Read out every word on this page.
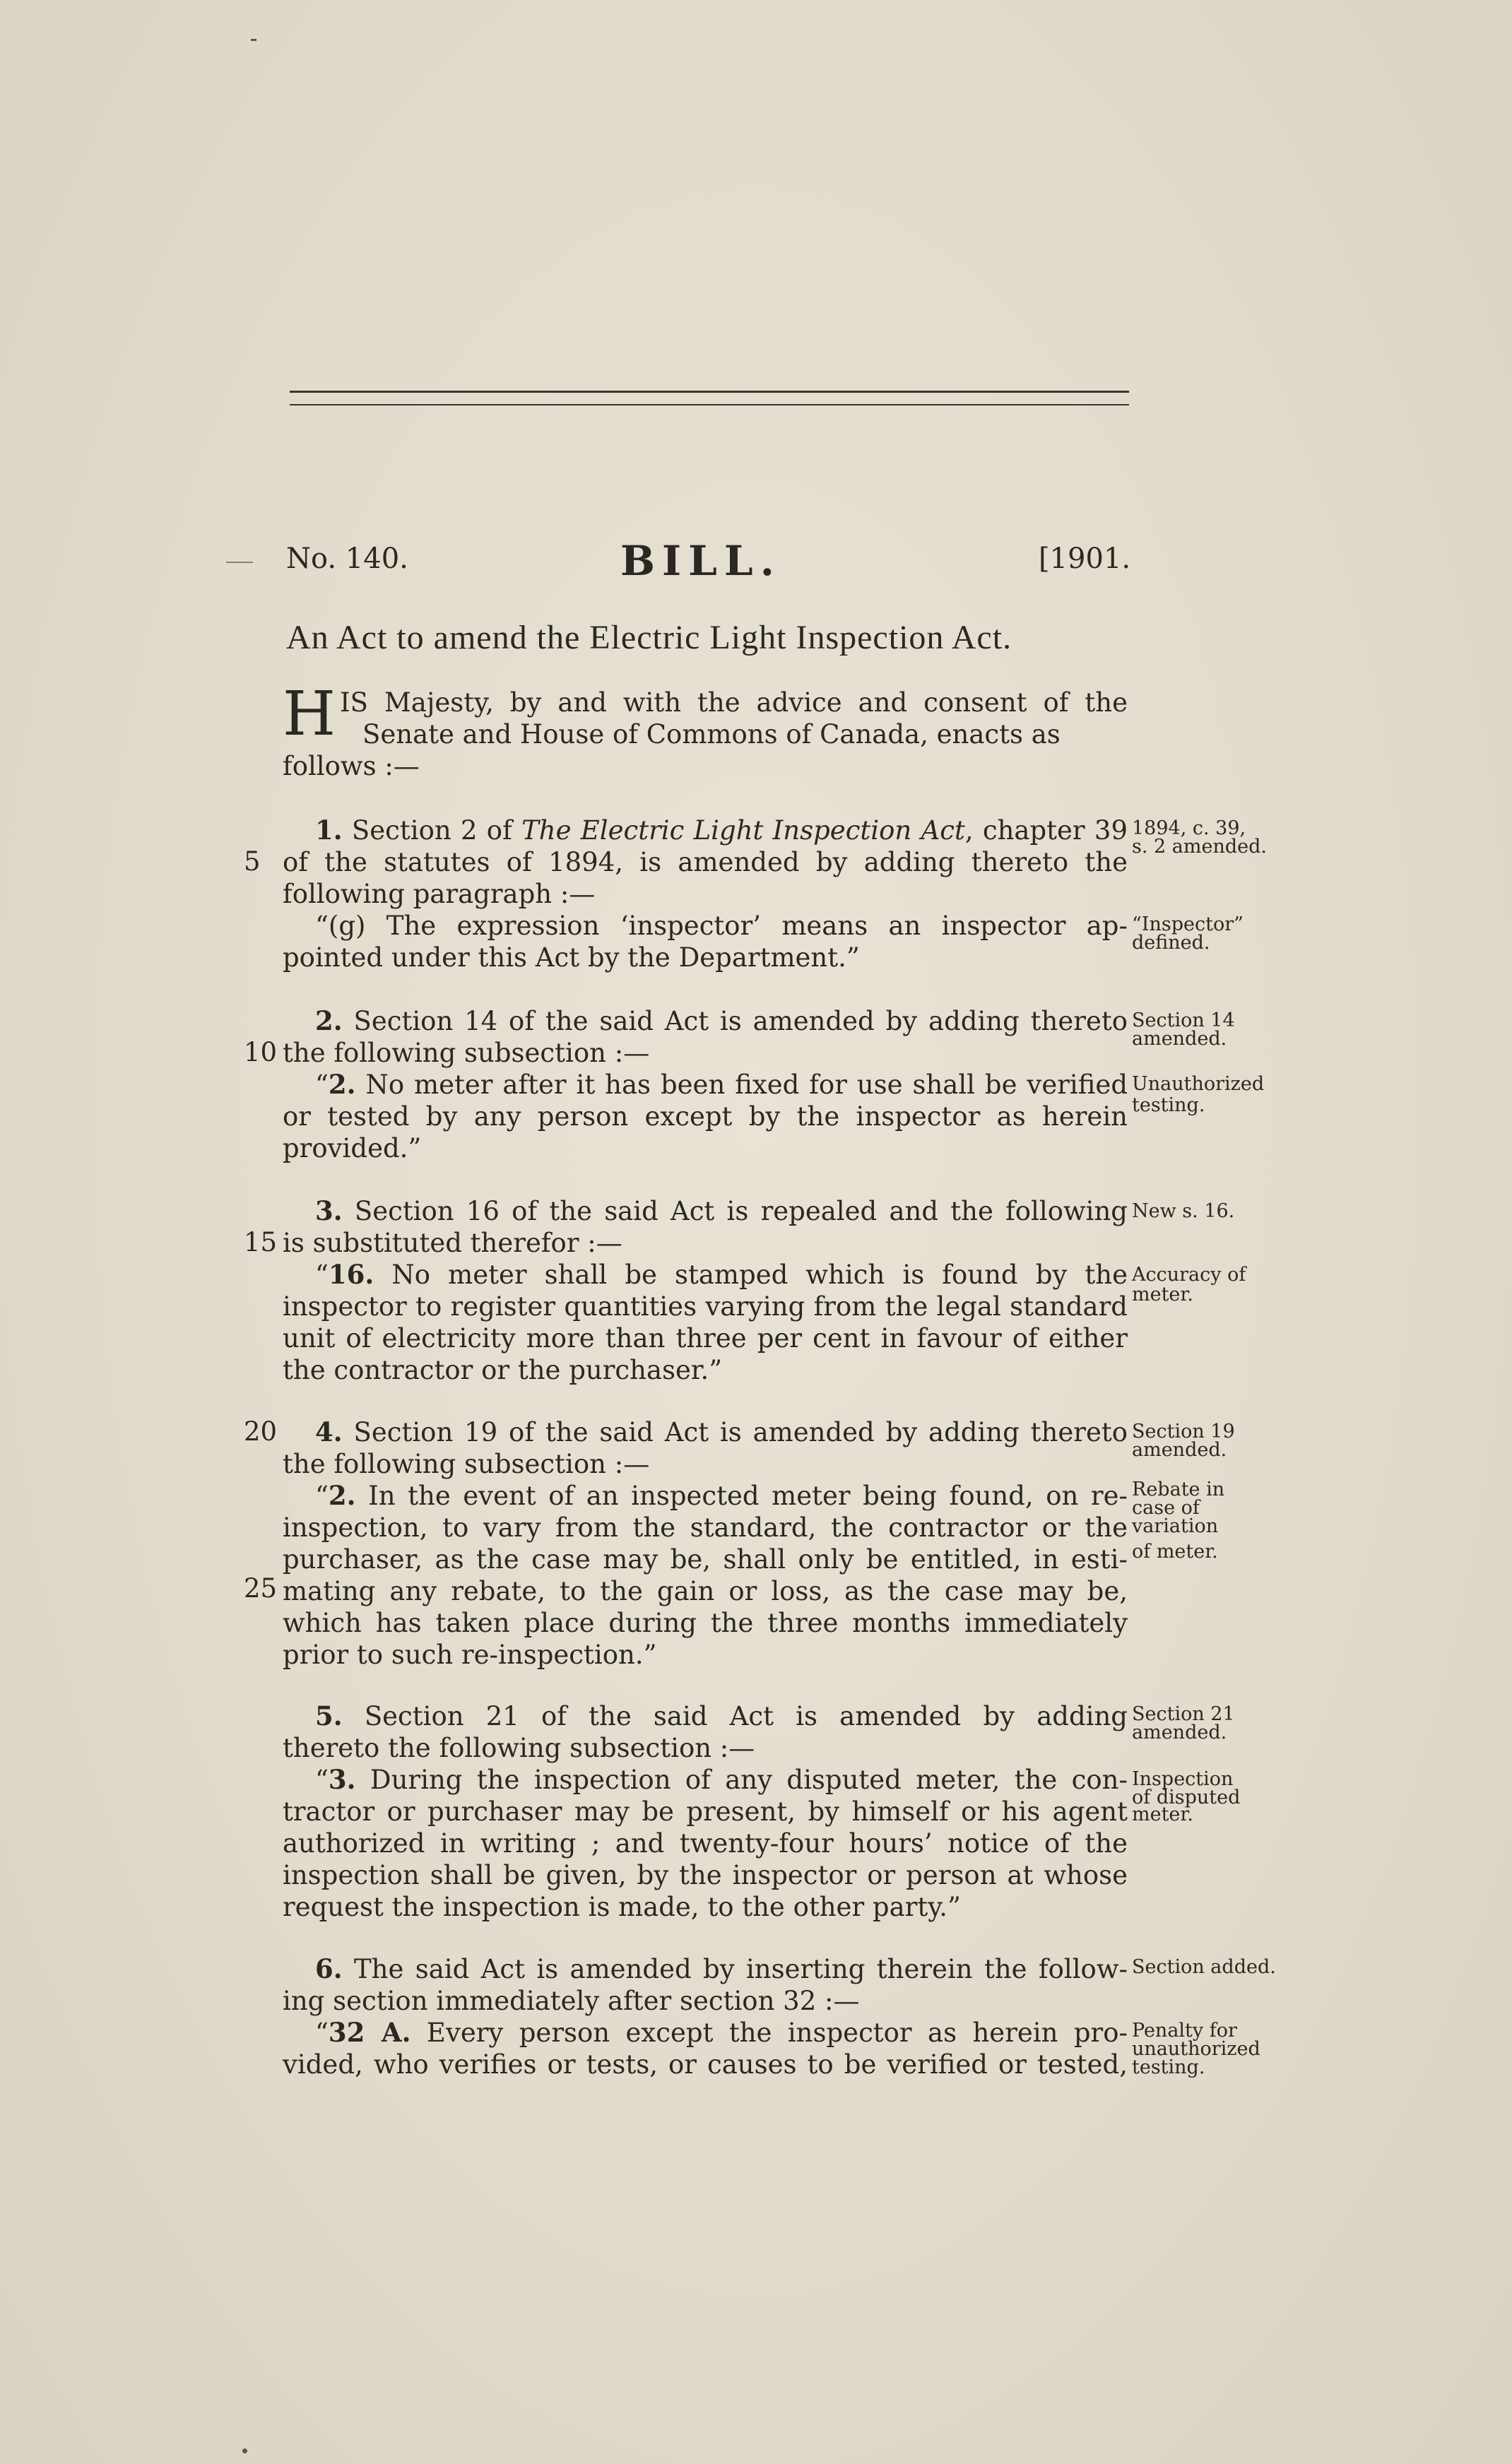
No. 140.	BILL.	[1901.
An Act to amend the Electric Light Inspection Act.
H IS Majesty, by and with the advice and consent of the
Senate and House of Commons of Canada, enacts as
follows :—
1. Section 2 of The Electric Light Inspection Act, chapter 39
of the statutes of 1894, is amended by adding thereto the
following paragraph :—
“(g) The expression ‘inspector’ means an inspector ap-
pointed under this Act by the Department.”
1894, c. 39,
s. 2 amended.
“Inspector”
defined.
2. Section 14 of the said Act is amended by adding thereto
the following subsection :—
“2. No meter after it has been fixed for use shall be verified
or tested by any person except by the inspector as herein
provided.”
Section 14
amended.
Unauthorized
testing.
3. Section 16 of the said Act is repealed and the following
is substituted therefor :—
“16. No meter shall be stamped which is found by the
inspector to register quantities varying from the legal standard
unit of electricity more than three per cent in favour of either
the contractor or the purchaser.”
New s. 16.
Accuracy of
meter.
4. Section 19 of the said Act is amended by adding thereto
the following subsection :—
“2. In the event of an inspected meter being found, on re-
inspection, to vary from the standard, the contractor or the
purchaser, as the case may be, shall only be entitled, in esti-
mating any rebate, to the gain or loss, as the case may be,
which has taken place during the three months immediately
prior to such re-inspection.”
Section 19
amended.
Rebate in
case of
variation
of meter.
5. Section 21 of the said Act is amended by adding
thereto the following subsection :—
“3. During the inspection of any disputed meter, the con-
tractor or purchaser may be present, by himself or his agent
authorized in writing ; and twenty-four hours’ notice of the
inspection shall be given, by the inspector or person at whose
request the inspection is made, to the other party.”
Section 21
amended.
Inspection
of disputed
meter.
6. The said Act is amended by inserting therein the follow-
ing section immediately after section 32 :—
“32 A. Every person except the inspector as herein pro-
vided, who verifies or tests, or causes to be verified or tested,
Section added.
Penalty for
unauthorized
testing.
5
10
15
20
25
